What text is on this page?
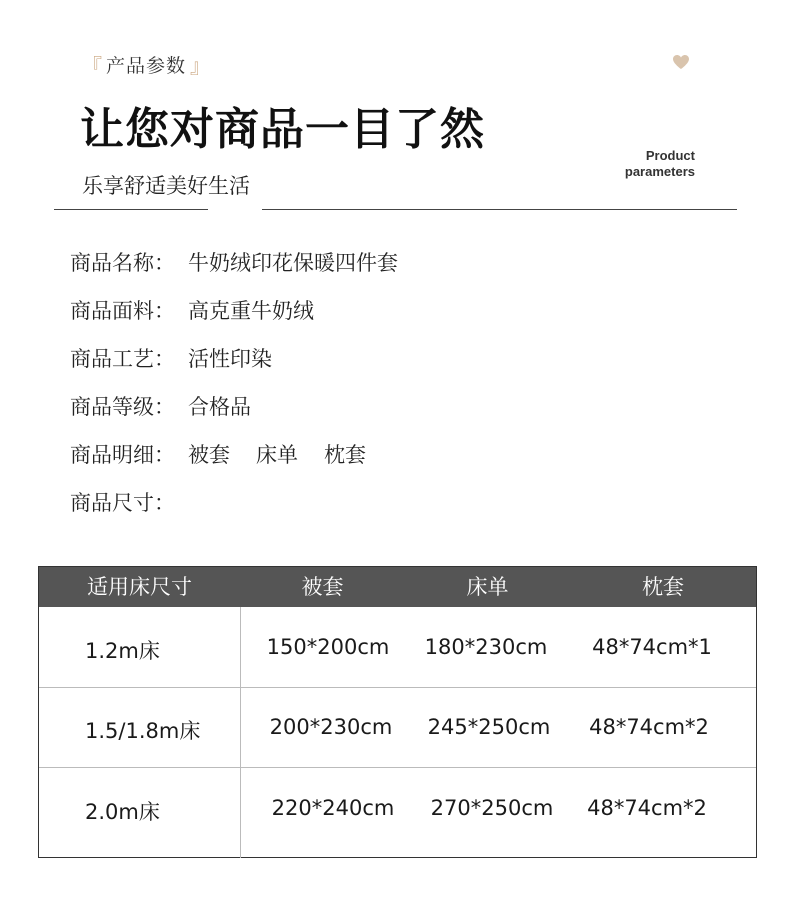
『 产品参数 』
让您对商品一目了然
乐享舒适美好生活
Product
parameters
商品名称： 牛奶绒印花保暖四件套
商品面料： 高克重牛奶绒
商品工艺： 活性印染
商品等级： 合格品
商品明细： 被套 床单 枕套
商品尺寸：
适用床尺寸	被套	床单	枕套
1.2m床	150*200cm	180*230cm	48*74cm*1
1.5/1.8m床	200*230cm	245*250cm	48*74cm*2
2.0m床	220*240cm	270*250cm	48*74cm*2
